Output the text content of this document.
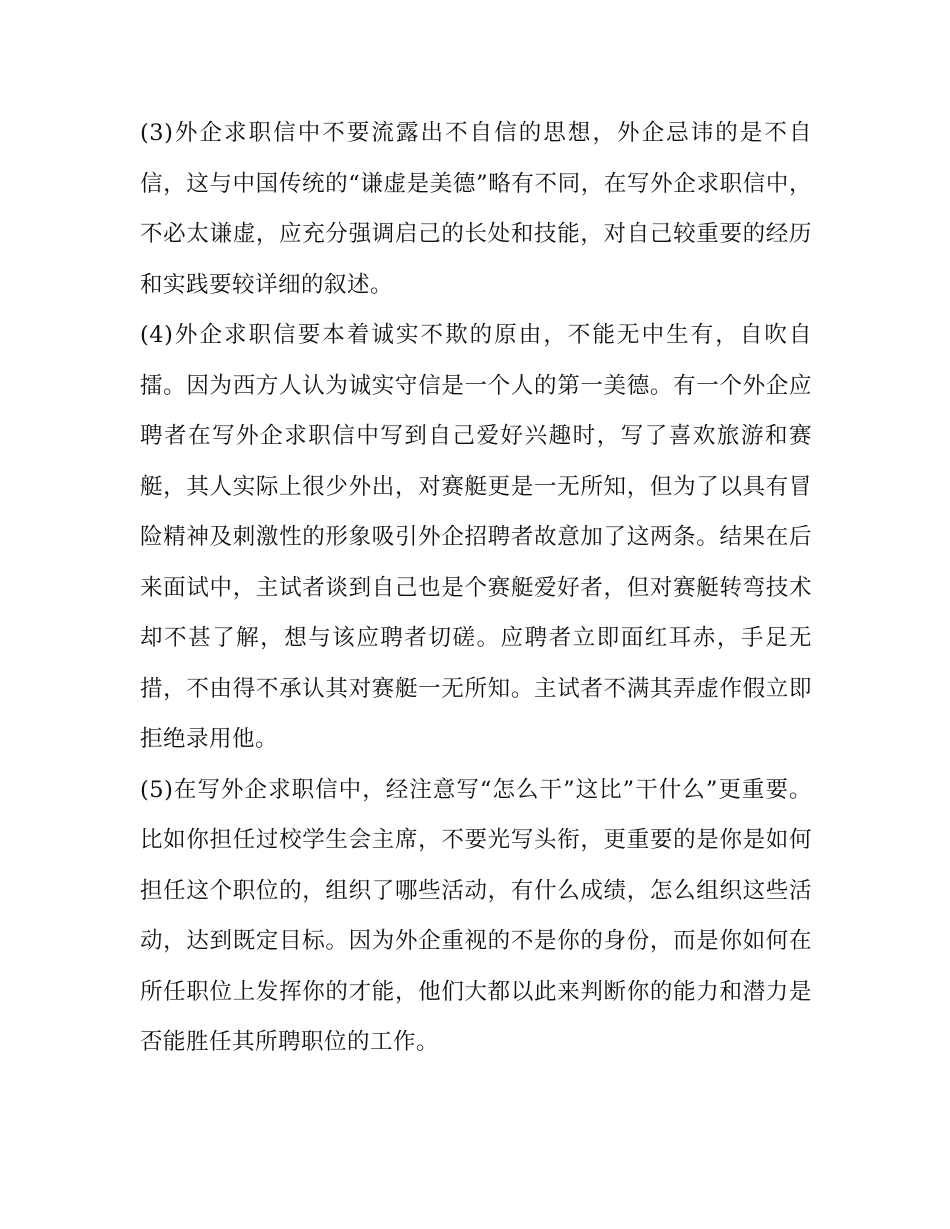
(3)外企求职信中不要流露出不自信的思想，外企忌讳的是不自信，这与中国传统的“谦虚是美德”略有不同，在写外企求职信中，不必太谦虚，应充分强调启己的长处和技能，对自己较重要的经历和实践要较详细的叙述。

(4)外企求职信要本着诚实不欺的原由，不能无中生有，自吹自擂。因为西方人认为诚实守信是一个人的第一美德。有一个外企应聘者在写外企求职信中写到自己爱好兴趣时，写了喜欢旅游和赛艇，其人实际上很少外出，对赛艇更是一无所知，但为了以具有冒险精神及刺激性的形象吸引外企招聘者故意加了这两条。结果在后来面试中，主试者谈到自己也是个赛艇爱好者，但对赛艇转弯技术却不甚了解，想与该应聘者切磋。应聘者立即面红耳赤，手足无措，不由得不承认其对赛艇一无所知。主试者不满其弄虚作假立即拒绝录用他。

(5)在写外企求职信中，经注意写“怎么干”这比”干什么”更重要。比如你担任过校学生会主席，不要光写头衔，更重要的是你是如何担任这个职位的，组织了哪些活动，有什么成绩，怎么组织这些活动，达到既定目标。因为外企重视的不是你的身份，而是你如何在所任职位上发挥你的才能，他们大都以此来判断你的能力和潜力是否能胜任其所聘职位的工作。
